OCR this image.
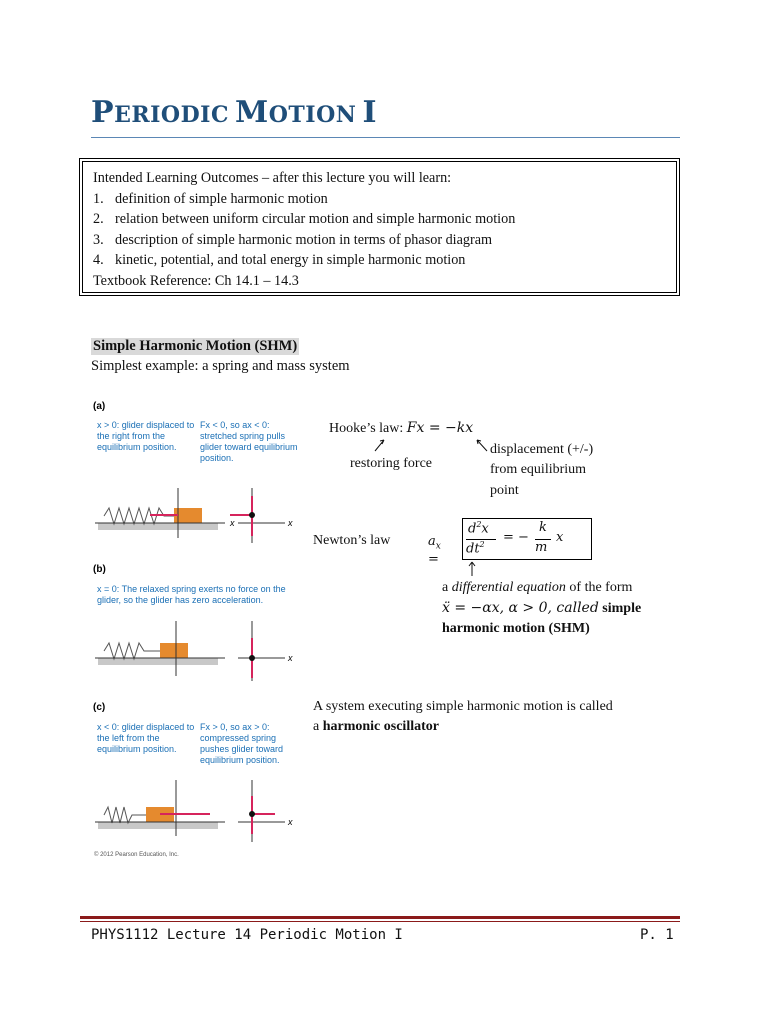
PERIODIC MOTION I
Intended Learning Outcomes – after this lecture you will learn:
1. definition of simple harmonic motion
2. relation between uniform circular motion and simple harmonic motion
3. description of simple harmonic motion in terms of phasor diagram
4. kinetic, potential, and total energy in simple harmonic motion
Textbook Reference: Ch 14.1 – 14.3
Simple Harmonic Motion (SHM)
Simplest example: a spring and mass system
(a)
x > 0: glider displaced to the right from the equilibrium position.
Fx < 0, so ax < 0: stretched spring pulls glider toward equilibrium position.
x
x
(b)
x = 0: The relaxed spring exerts no force on the glider, so the glider has zero acceleration.
x
(c)
x < 0: glider displaced to the left from the equilibrium position.
Fx > 0, so ax > 0: compressed spring pushes glider toward equilibrium position.
x
© 2012 Pearson Education, Inc.
Hooke’s law: Fx = −kx
restoring force
displacement (+/-)
from equilibrium
point
Newton’s law	$a_x$ =
$d^2x$
$dt^2$ = −
k
m
x
a differential equation of the form
ẍ = −αx, α > 0, called simple
harmonic motion (SHM)
A system executing simple harmonic motion is called
a harmonic oscillator
PHYS1112 Lecture 14 Periodic Motion I	P. 1
